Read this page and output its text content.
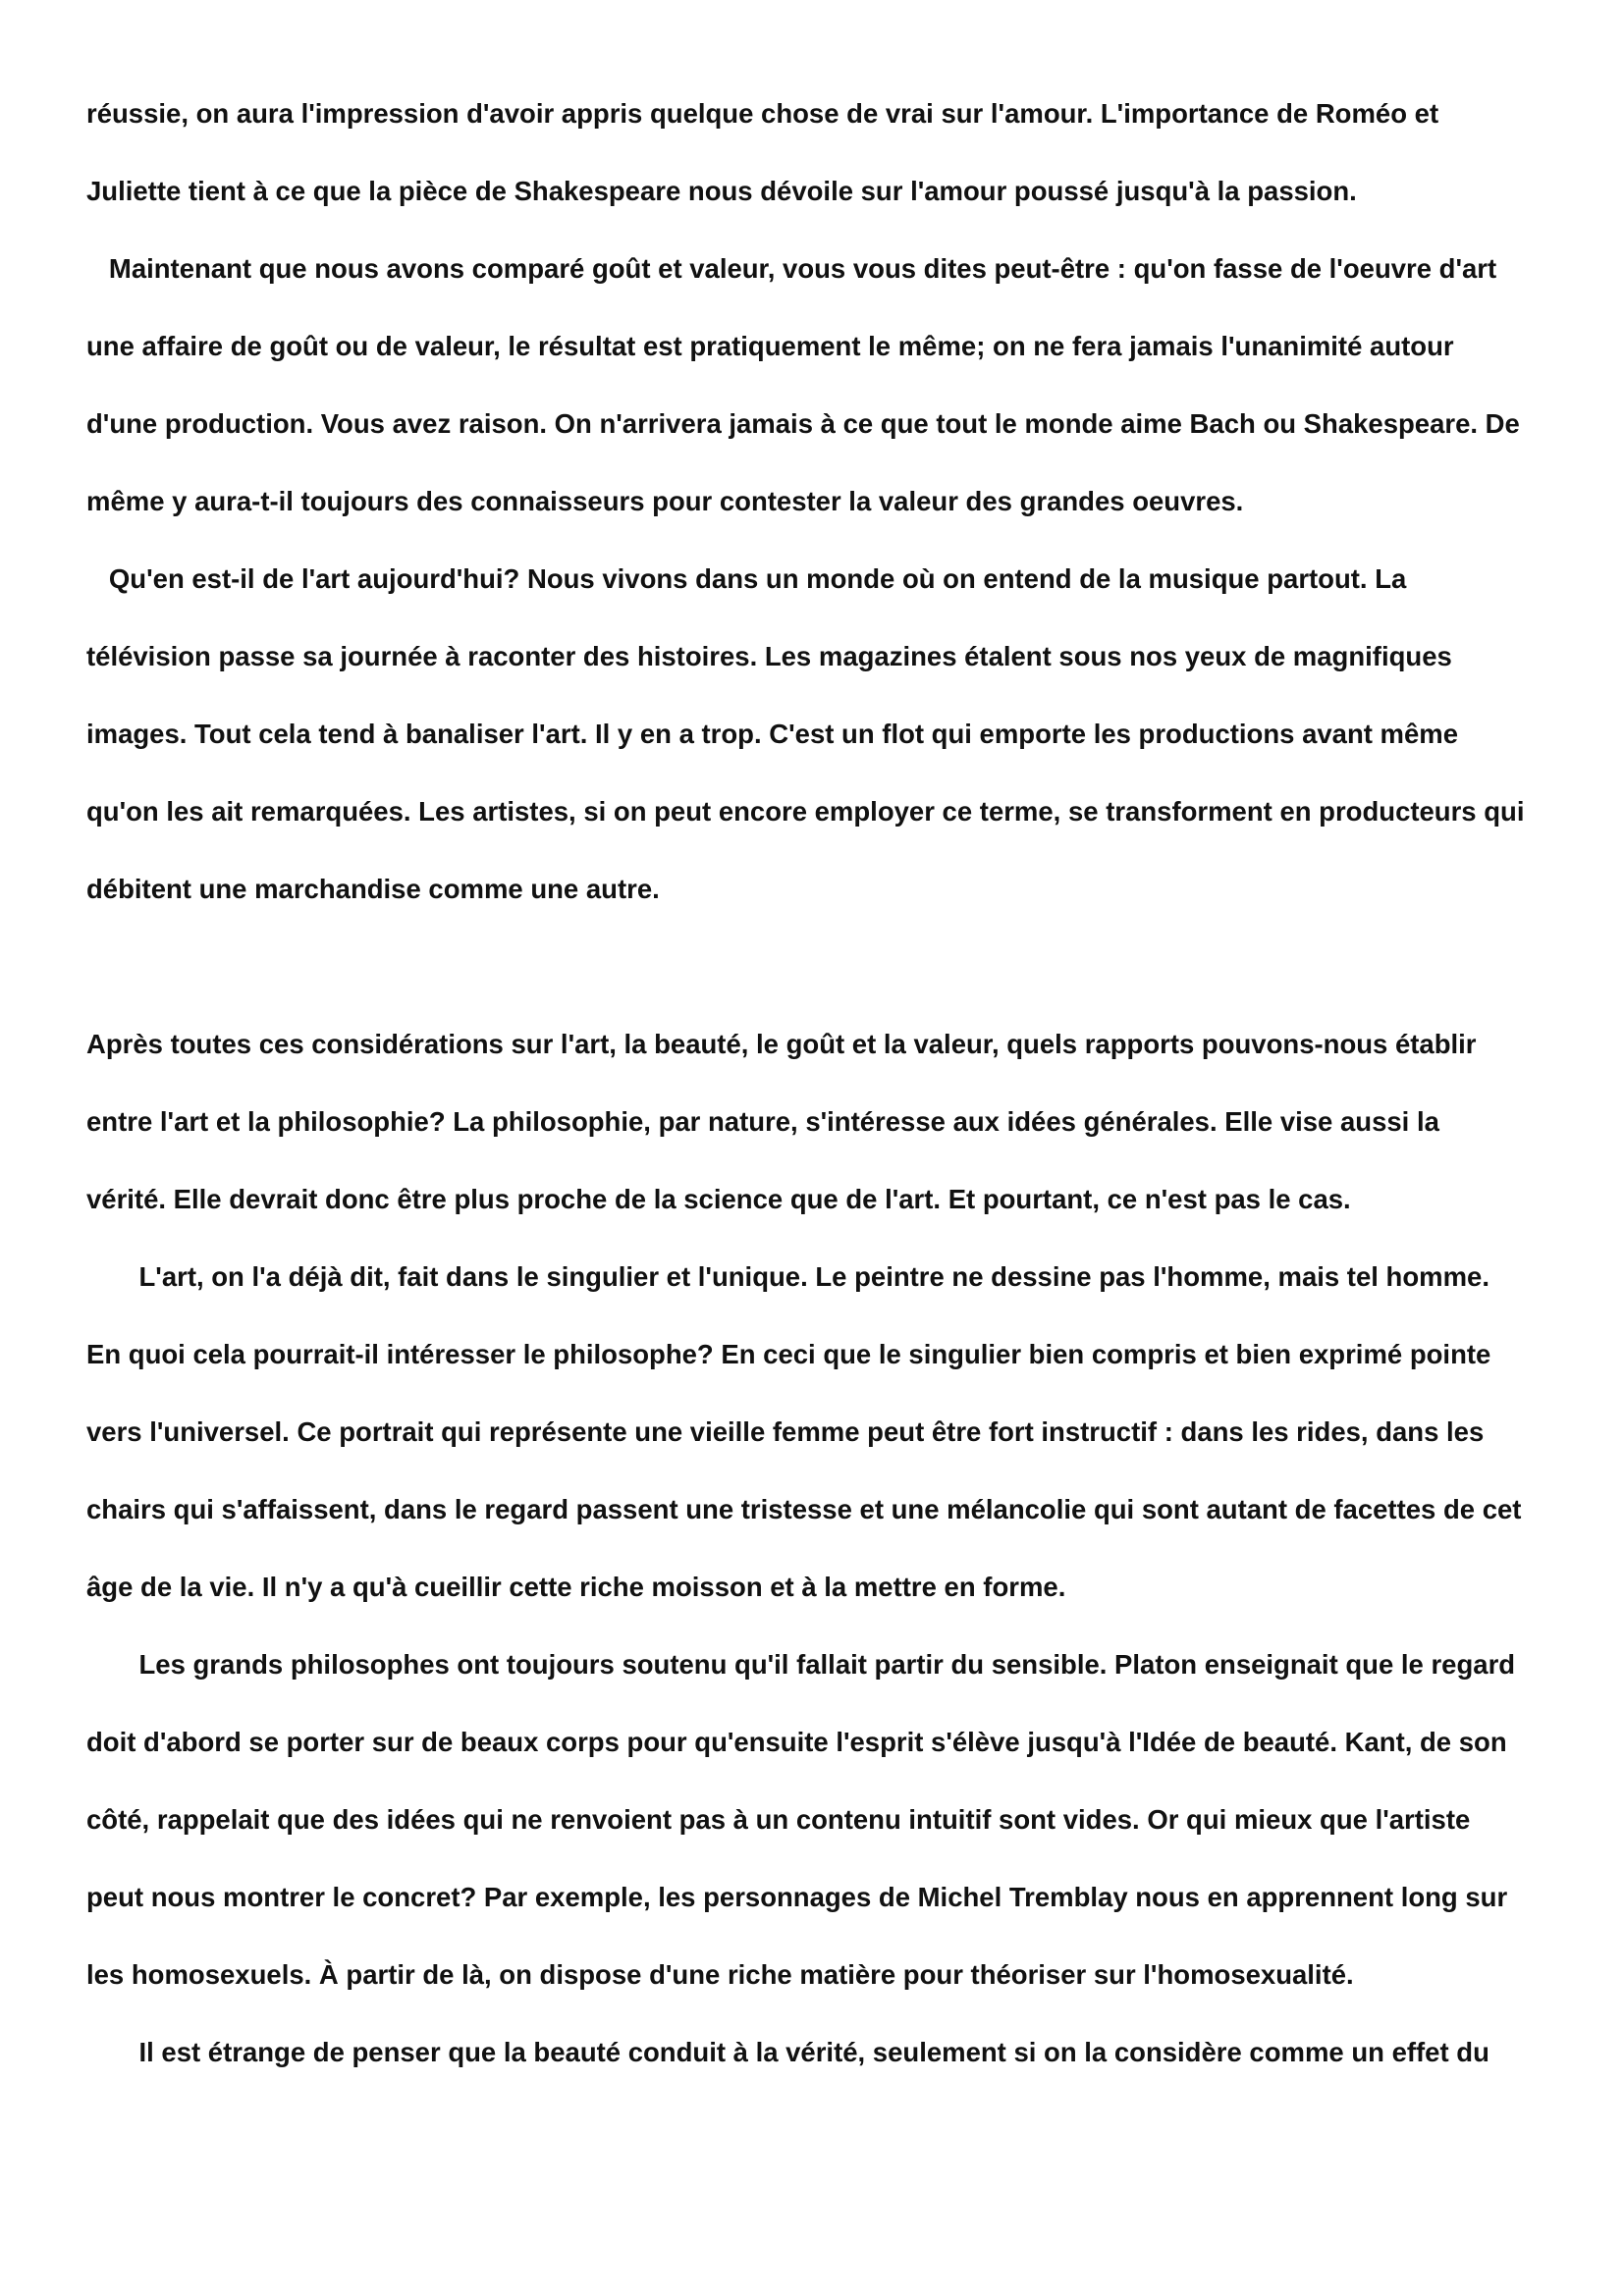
réussie, on aura l'impression d'avoir appris quelque chose de vrai sur l'amour. L'importance de Roméo et
Juliette tient à ce que la pièce de Shakespeare nous dévoile sur l'amour poussé jusqu'à la passion.
Maintenant que nous avons comparé goût et valeur, vous vous dites peut-être : qu'on fasse de l'oeuvre d'art
une affaire de goût ou de valeur, le résultat est pratiquement le même; on ne fera jamais l'unanimité autour
d'une production. Vous avez raison. On n'arrivera jamais à ce que tout le monde aime Bach ou Shakespeare. De
même y aura-t-il toujours des connaisseurs pour contester la valeur des grandes oeuvres.
Qu'en est-il de l'art aujourd'hui? Nous vivons dans un monde où on entend de la musique partout. La
télévision passe sa journée à raconter des histoires. Les magazines étalent sous nos yeux de magnifiques
images. Tout cela tend à banaliser l'art. Il y en a trop. C'est un flot qui emporte les productions avant même
qu'on les ait remarquées. Les artistes, si on peut encore employer ce terme, se transforment en producteurs qui
débitent une marchandise comme une autre.
Après toutes ces considérations sur l'art, la beauté, le goût et la valeur, quels rapports pouvons-nous établir
entre l'art et la philosophie? La philosophie, par nature, s'intéresse aux idées générales. Elle vise aussi la
vérité. Elle devrait donc être plus proche de la science que de l'art. Et pourtant, ce n'est pas le cas.
L'art, on l'a déjà dit, fait dans le singulier et l'unique. Le peintre ne dessine pas l'homme, mais tel homme.
En quoi cela pourrait-il intéresser le philosophe? En ceci que le singulier bien compris et bien exprimé pointe
vers l'universel. Ce portrait qui représente une vieille femme peut être fort instructif : dans les rides, dans les
chairs qui s'affaissent, dans le regard passent une tristesse et une mélancolie qui sont autant de facettes de cet
âge de la vie. Il n'y a qu'à cueillir cette riche moisson et à la mettre en forme.
Les grands philosophes ont toujours soutenu qu'il fallait partir du sensible. Platon enseignait que le regard
doit d'abord se porter sur de beaux corps pour qu'ensuite l'esprit s'élève jusqu'à l'Idée de beauté. Kant, de son
côté, rappelait que des idées qui ne renvoient pas à un contenu intuitif sont vides. Or qui mieux que l'artiste
peut nous montrer le concret? Par exemple, les personnages de Michel Tremblay nous en apprennent long sur
les homosexuels. À partir de là, on dispose d'une riche matière pour théoriser sur l'homosexualité.
Il est étrange de penser que la beauté conduit à la vérité, seulement si on la considère comme un effet du
